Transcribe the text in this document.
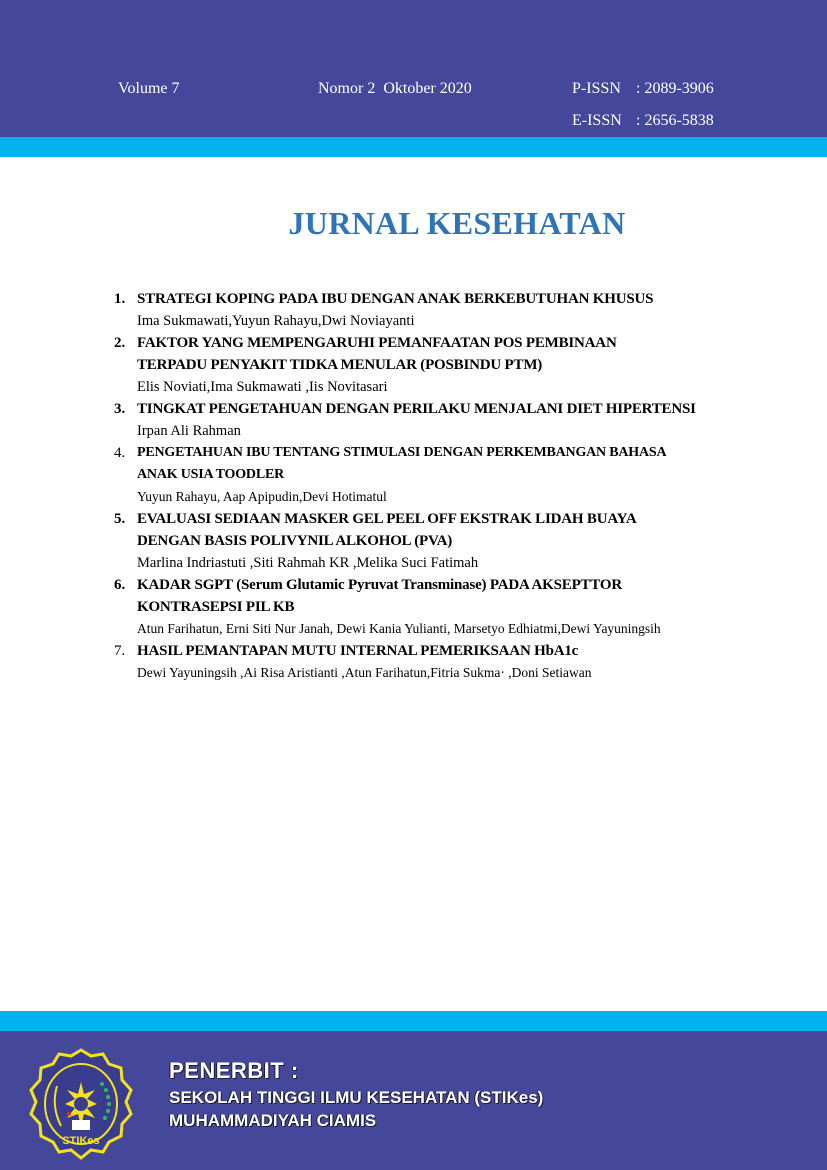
Volume 7	Nomor 2  Oktober 2020	P-ISSN : 2089-3906
E-ISSN : 2656-5838
JURNAL KESEHATAN
1. STRATEGI KOPING PADA IBU DENGAN ANAK BERKEBUTUHAN KHUSUS
Ima Sukmawati,Yuyun Rahayu,Dwi Noviayanti
2. FAKTOR YANG MEMPENGARUHI PEMANFAATAN POS PEMBINAAN
TERPADU PENYAKIT TIDKA MENULAR (POSBINDU PTM)
Elis Noviati,Ima Sukmawati ,Iis Novitasari
3. TINGKAT PENGETAHUAN DENGAN PERILAKU MENJALANI DIET HIPERTENSI
Irpan Ali Rahman
4. PENGETAHUAN IBU TENTANG STIMULASI DENGAN PERKEMBANGAN BAHASA
ANAK USIA TOODLER
Yuyun Rahayu, Aap Apipudin,Devi Hotimatul
5. EVALUASI SEDIAAN MASKER GEL PEEL OFF EKSTRAK LIDAH BUAYA
DENGAN BASIS POLIVYNIL ALKOHOL (PVA)
Marlina Indriastuti ,Siti Rahmah KR ,Melika Suci Fatimah
6. KADAR SGPT (Serum Glutamic Pyruvat Transminase) PADA AKSEPTTOR
KONTRASEPSI PIL KB
Atun Farihatun, Erni Siti Nur Janah, Dewi Kania Yulianti, Marsetyo Edhiatmi,Dewi Yayuningsih
7. HASIL PEMANTAPAN MUTU INTERNAL PEMERIKSAAN HbA1c
Dewi Yayuningsih ,Ai Risa Aristianti ,Atun Farihatun,Fitria Sukma· ,Doni Setiawan
STIKes
PENERBIT :
SEKOLAH TINGGI ILMU KESEHATAN (STIKes)
MUHAMMADIYAH CIAMIS
